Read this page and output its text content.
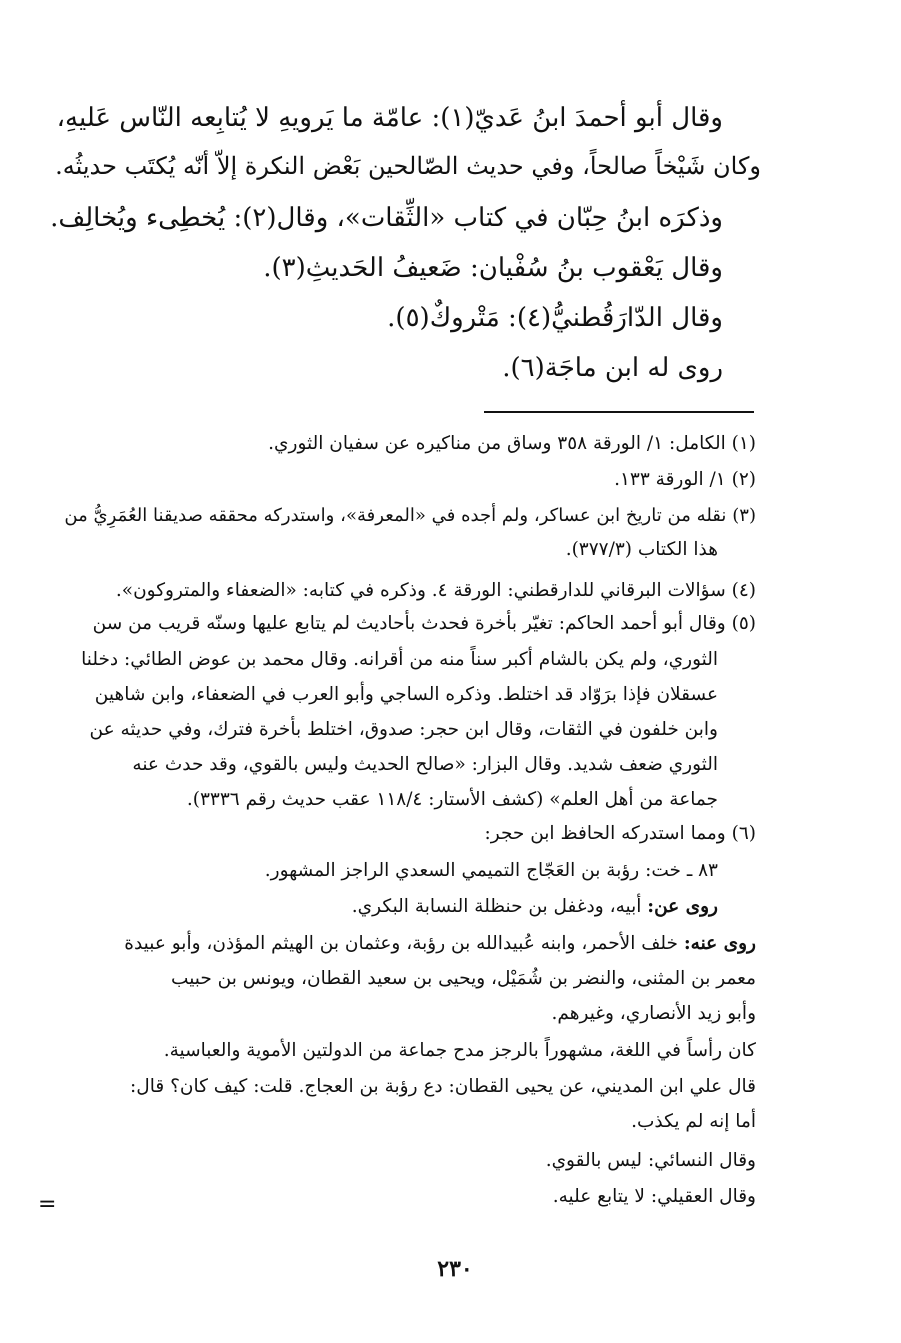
وقال أبو أحمدَ ابنُ عَديّ(١): عامّة ما يَرويهِ لا يُتابِعه النّاس عَليهِ،
وكان شَيْخاً صالحاً، وفي حديث الصّالحين بَعْض النكرة إلاّ أنّه يُكتَب حديثُه.
وذكرَه ابنُ حِبّان في كتاب «الثِّقات»، وقال(٢): يُخطِىء ويُخالِف.
وقال يَعْقوب بنُ سُفْيان: ضَعيفُ الحَديثِ(٣).
وقال الدّارَقُطنيُّ(٤): مَتْروكٌ(٥).
روى له ابن ماجَة(٦).
(١) الكامل: ١/ الورقة ٣٥٨ وساق من مناكيره عن سفيان الثوري.
(٢) ١/ الورقة ١٣٣.
(٣) نقله من تاريخ ابن عساكر، ولم أجده في «المعرفة»، واستدركه محققه صديقنا العُمَرِيُّ من
هذا الكتاب (٣٧٧/٣).
(٤) سؤالات البرقاني للدارقطني: الورقة ٤. وذكره في كتابه: «الضعفاء والمتروكون».
(٥) وقال أبو أحمد الحاكم: تغيّر بأخرة فحدث بأحاديث لم يتابع عليها وسنّه قريب من سن
الثوري، ولم يكن بالشام أكبر سناً منه من أقرانه. وقال محمد بن عوض الطائي: دخلنا
عسقلان فإذا برَوّاد قد اختلط. وذكره الساجي وأبو العرب في الضعفاء، وابن شاهين
وابن خلفون في الثقات، وقال ابن حجر: صدوق، اختلط بأخرة فترك، وفي حديثه عن
الثوري ضعف شديد. وقال البزار: «صالح الحديث وليس بالقوي، وقد حدث عنه
جماعة من أهل العلم» (كشف الأستار: ١١٨/٤ عقب حديث رقم ٣٣٣٦).
(٦) ومما استدركه الحافظ ابن حجر:
٨٣ ـ خت: رؤبة بن العَجّاج التميمي السعدي الراجز المشهور.
روى عن: أبيه، ودغفل بن حنظلة النسابة البكري.
روى عنه: خلف الأحمر، وابنه عُبيدالله بن رؤبة، وعثمان بن الهيثم المؤذن، وأبو عبيدة
معمر بن المثنى، والنضر بن شُمَيْل، ويحيى بن سعيد القطان، ويونس بن حبيب
وأبو زيد الأنصاري، وغيرهم.
كان رأساً في اللغة، مشهوراً بالرجز مدح جماعة من الدولتين الأموية والعباسية.
قال علي ابن المديني، عن يحيى القطان: دع رؤبة بن العجاج. قلت: كيف كان؟ قال:
أما إنه لم يكذب.
وقال النسائي: ليس بالقوي.
وقال العقيلي: لا يتابع عليه.
=
٢٣٠
